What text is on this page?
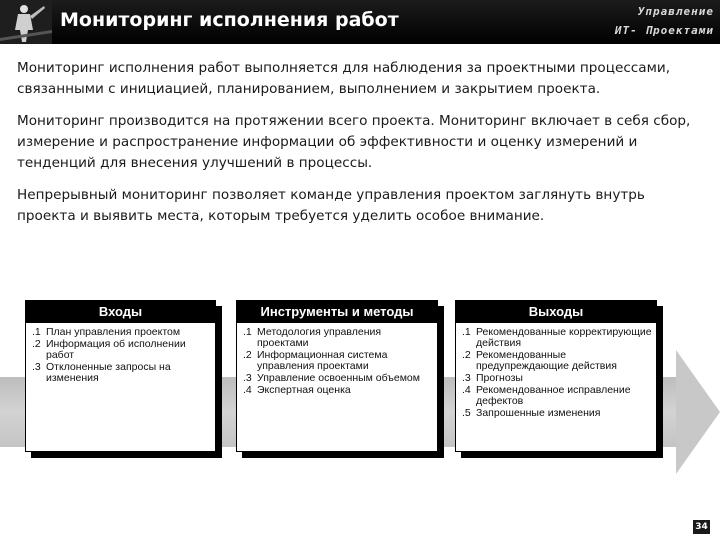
Мониторинг исполнения работ	Управление
ИТ- Проектами

Мониторинг исполнения работ выполняется для наблюдения за проектными процессами, связанными с инициацией, планированием, выполнением и закрытием проекта.

Мониторинг производится на протяжении всего проекта. Мониторинг включает в себя сбор, измерение и распространение информации об эффективности и оценку измерений и тенденций для внесения улучшений в процессы.

Непрерывный мониторинг позволяет команде управления проектом заглянуть внутрь проекта и выявить места, которым требуется уделить особое внимание.

Входы
.1 План управления проектом
.2 Информация об исполнении работ
.3 Отклоненные запросы на изменения
Инструменты и методы
.1 Методология управления проектами
.2 Информационная система управления проектами
.3 Управление освоенным объемом
.4 Экспертная оценка
Выходы
.1 Рекомендованные корректирующие действия
.2 Рекомендованные предупреждающие действия
.3 Прогнозы
.4 Рекомендованное исправление дефектов
.5 Запрошенные изменения
34
